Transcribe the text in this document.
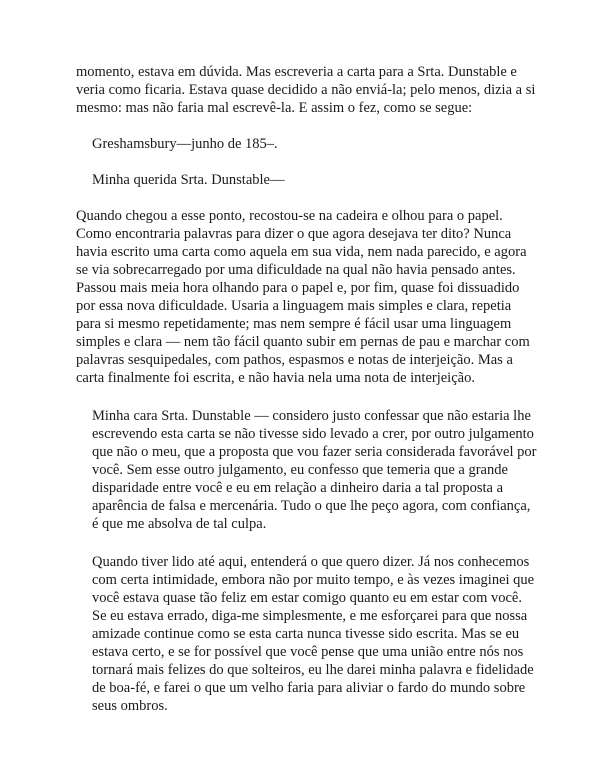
momento, estava em dúvida. Mas escreveria a carta para a Srta. Dunstable e veria como ficaria. Estava quase decidido a não enviá-la; pelo menos, dizia a si mesmo: mas não faria mal escrevê-la. E assim o fez, como se segue:

Greshamsbury—junho de 185–.

Minha querida Srta. Dunstable—

Quando chegou a esse ponto, recostou-se na cadeira e olhou para o papel. Como encontraria palavras para dizer o que agora desejava ter dito? Nunca havia escrito uma carta como aquela em sua vida, nem nada parecido, e agora se via sobrecarregado por uma dificuldade na qual não havia pensado antes. Passou mais meia hora olhando para o papel e, por fim, quase foi dissuadido por essa nova dificuldade. Usaria a linguagem mais simples e clara, repetia para si mesmo repetidamente; mas nem sempre é fácil usar uma linguagem simples e clara — nem tão fácil quanto subir em pernas de pau e marchar com palavras sesquipedales, com pathos, espasmos e notas de interjeição. Mas a carta finalmente foi escrita, e não havia nela uma nota de interjeição.

Minha cara Srta. Dunstable — considero justo confessar que não estaria lhe escrevendo esta carta se não tivesse sido levado a crer, por outro julgamento que não o meu, que a proposta que vou fazer seria considerada favorável por você. Sem esse outro julgamento, eu confesso que temeria que a grande disparidade entre você e eu em relação a dinheiro daria a tal proposta a aparência de falsa e mercenária. Tudo o que lhe peço agora, com confiança, é que me absolva de tal culpa.

Quando tiver lido até aqui, entenderá o que quero dizer. Já nos conhecemos com certa intimidade, embora não por muito tempo, e às vezes imaginei que você estava quase tão feliz em estar comigo quanto eu em estar com você. Se eu estava errado, diga-me simplesmente, e me esforçarei para que nossa amizade continue como se esta carta nunca tivesse sido escrita. Mas se eu estava certo, e se for possível que você pense que uma união entre nós nos tornará mais felizes do que solteiros, eu lhe darei minha palavra e fidelidade de boa-fé, e farei o que um velho faria para aliviar o fardo do mundo sobre seus ombros.
